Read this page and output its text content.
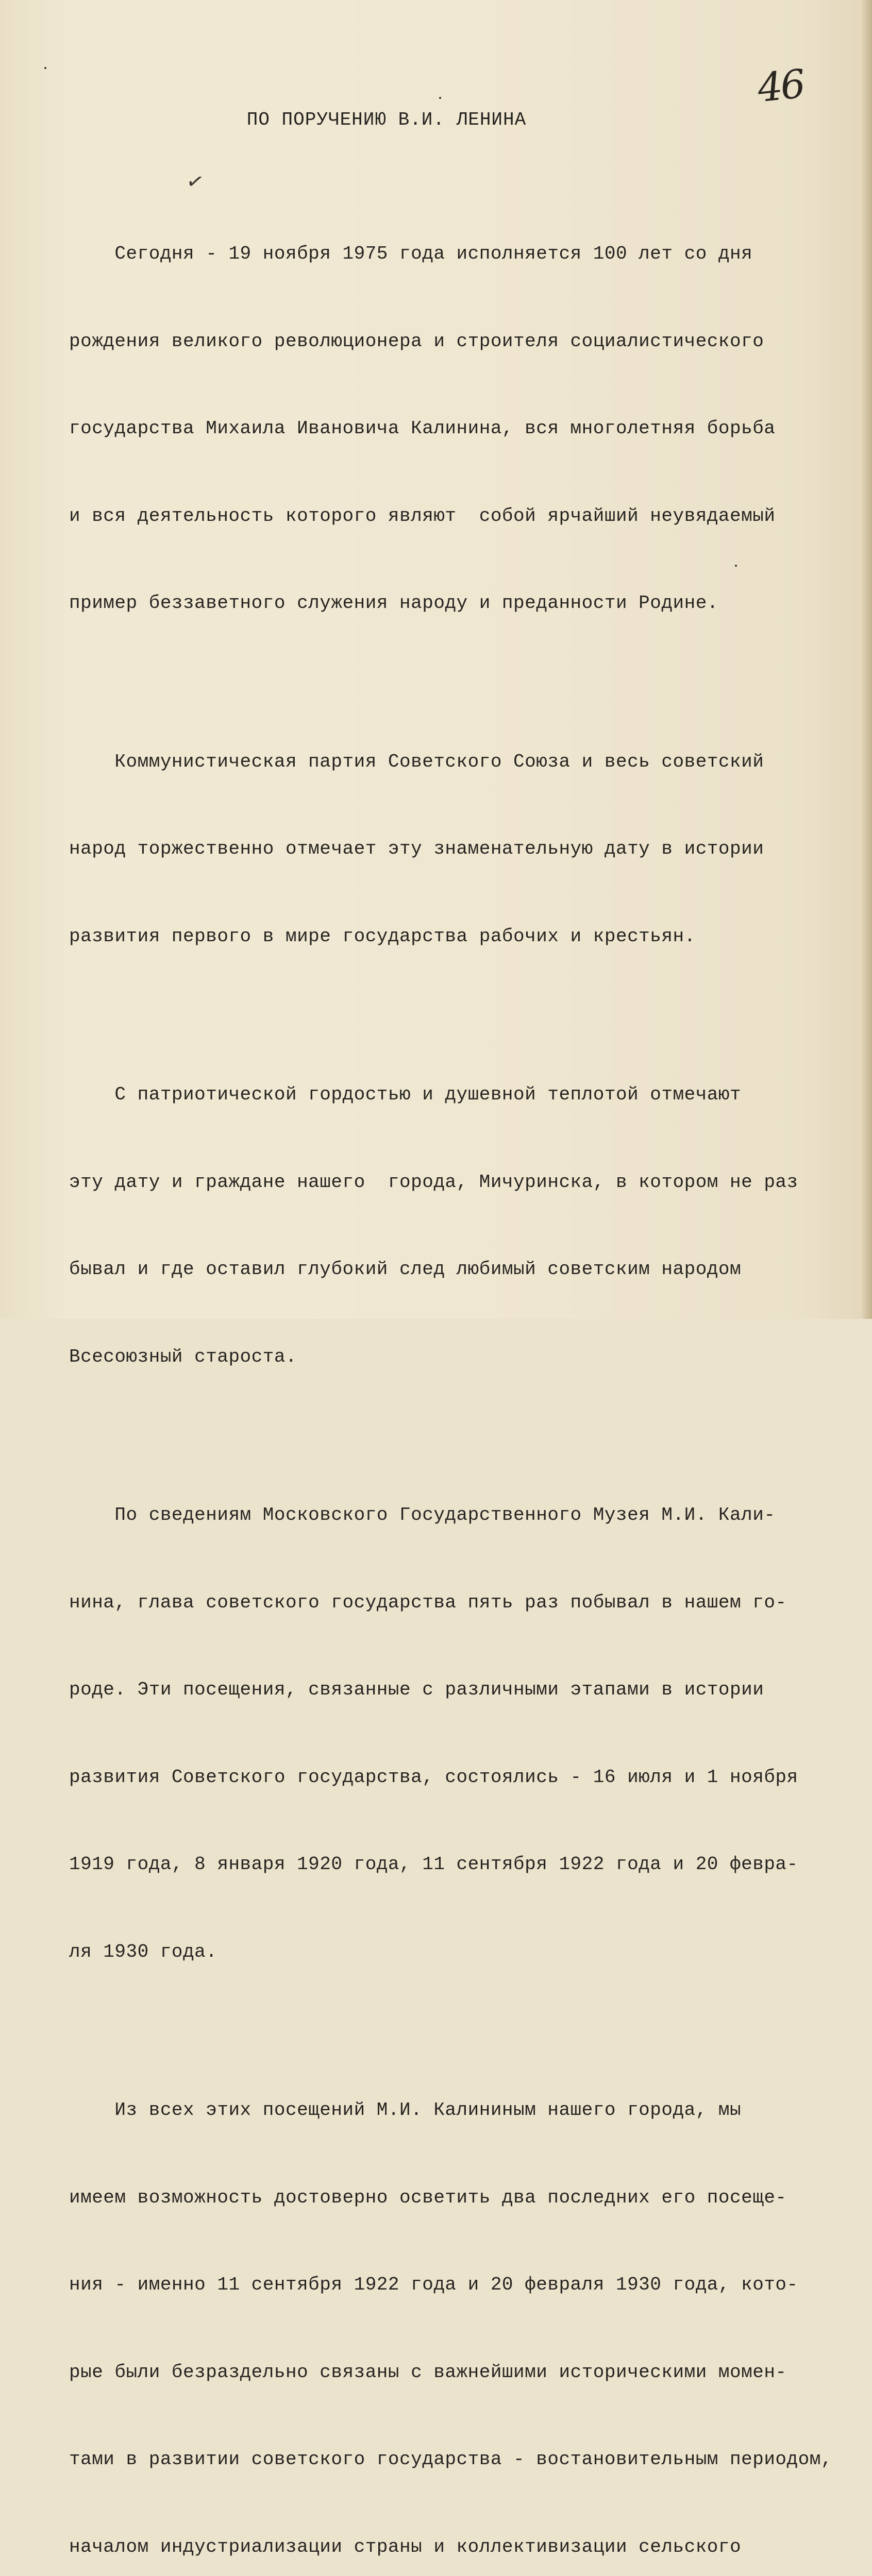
46
ПО ПОРУЧЕНИЮ В.И. ЛЕНИНА
✓

Сегодня - 19 ноября 1975 года исполняется 100 лет со дня

рождения великого революционера и строителя социалистического

государства Михаила Ивановича Калинина, вся многолетняя борьба

и вся деятельность которого являют  собой ярчайший неувядаемый

пример беззаветного служения народу и преданности Родине.

Коммунистическая партия Советского Союза и весь советский

народ торжественно отмечает эту знаменательную дату в истории

развития первого в мире государства рабочих и крестьян.

С патриотической гордостью и душевной теплотой отмечают

эту дату и граждане нашего  города, Мичуринска, в котором не раз

бывал и где оставил глубокий след любимый советским народом

Всесоюзный староста.

По сведениям Московского Государственного Музея М.И. Кали-

нина, глава советского государства пять раз побывал в нашем го-

роде. Эти посещения, связанные с различными этапами в истории

развития Советского государства, состоялись - 16 июля и 1 ноября

1919 года, 8 января 1920 года, 11 сентября 1922 года и 20 февра-

ля 1930 года.

Из всех этих посещений М.И. Калининым нашего города, мы

имеем возможность достоверно осветить два последних его посеще-

ния - именно 11 сентября 1922 года и 20 февраля 1930 года, кото-

рые были безраздельно связаны с важнейшими историческими момен-

тами в развитии советского государства - востановительным периодом,

началом индустриализации страны и коллективизации сельского
